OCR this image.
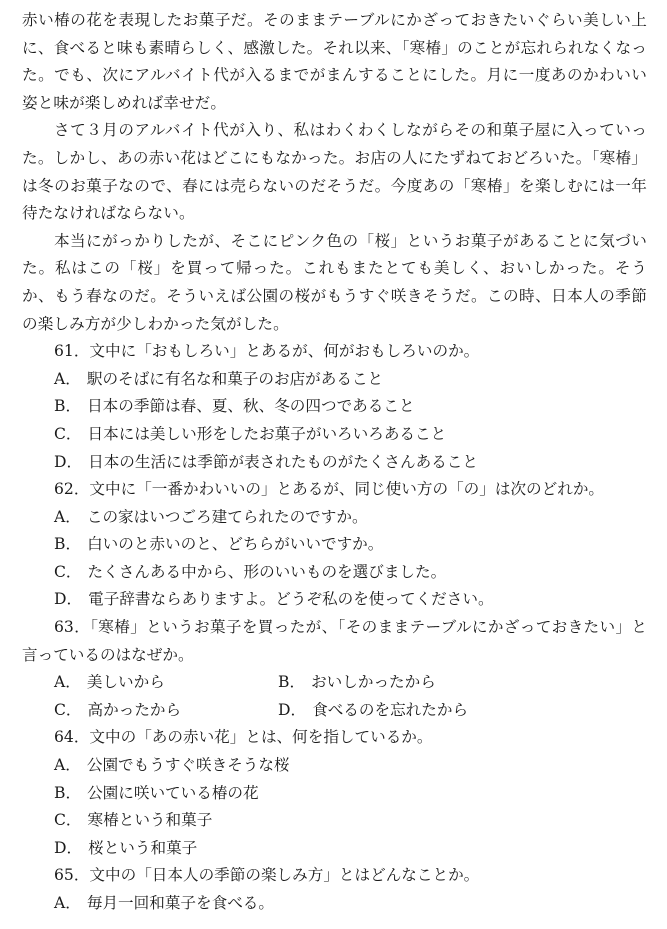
赤い椿の花を表現したお菓子だ。そのままテーブルにかざっておきたいぐらい美しい上に、食べると味も素晴らしく、感激した。それ以来、「寒椿」のことが忘れられなくなった。でも、次にアルバイト代が入るまでがまんすることにした。月に一度あのかわいい姿と味が楽しめれば幸せだ。

さて３月のアルバイト代が入り、私はわくわくしながらその和菓子屋に入っていった。しかし、あの赤い花はどこにもなかった。お店の人にたずねておどろいた。「寒椿」は冬のお菓子なので、春には売らないのだそうだ。今度あの「寒椿」を楽しむには一年待たなければならない。

本当にがっかりしたが、そこにピンク色の「桜」というお菓子があることに気づいた。私はこの「桜」を買って帰った。これもまたとても美しく、おいしかった。そうか、もう春なのだ。そういえば公園の桜がもうすぐ咲きそうだ。この時、日本人の季節の楽しみ方が少しわかった気がした。

61．文中に「おもしろい」とあるが、何がおもしろいのか。

A． 駅のそばに有名な和菓子のお店があること

B． 日本の季節は春、夏、秋、冬の四つであること

C． 日本には美しい形をしたお菓子がいろいろあること

D． 日本の生活には季節が表されたものがたくさんあること

62．文中に「一番かわいいの」とあるが、同じ使い方の「の」は次のどれか。

A． この家はいつごろ建てられたのですか。

B． 白いのと赤いのと、どちらがいいですか。

C． たくさんある中から、形のいいものを選びました。

D． 電子辞書ならありますよ。どうぞ私のを使ってください。

63．「寒椿」というお菓子を買ったが、「そのままテーブルにかざっておきたい」と言っているのはなぜか。

A． 美しいから	B． おいしかったから
C． 高かったから	D． 食べるのを忘れたから

64．文中の「あの赤い花」とは、何を指しているか。

A． 公園でもうすぐ咲きそうな桜

B． 公園に咲いている椿の花

C． 寒椿という和菓子

D． 桜という和菓子

65．文中の「日本人の季節の楽しみ方」とはどんなことか。

A． 毎月一回和菓子を食べる。
